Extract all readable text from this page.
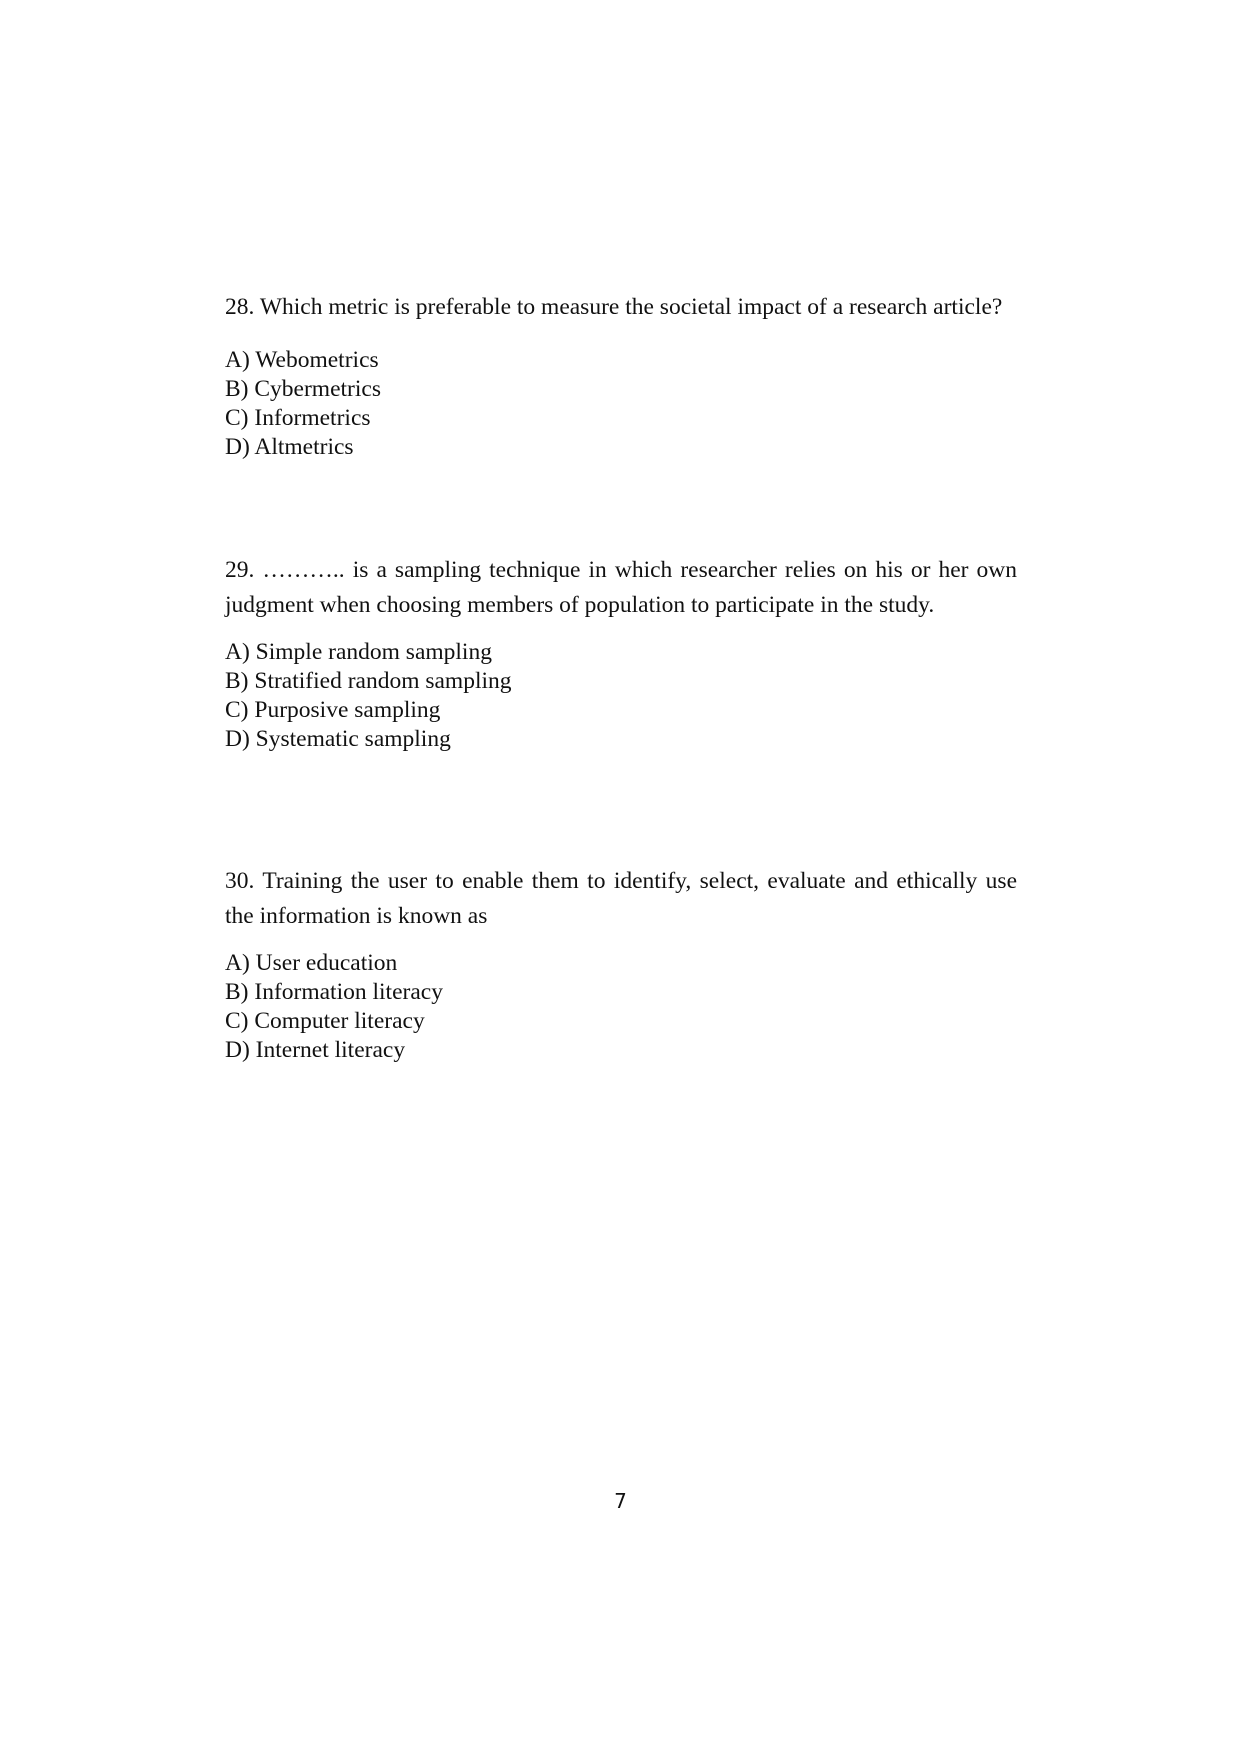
28. Which metric is preferable to measure the societal impact of a research article?

A) Webometrics
B) Cybermetrics
C) Informetrics
D) Altmetrics

29. ……….. is a sampling technique in which researcher relies on his or her own judgment when choosing members of population to participate in the study.

A) Simple random sampling
B) Stratified random sampling
C) Purposive sampling
D) Systematic sampling

30. Training the user to enable them to identify, select, evaluate and ethically use the information is known as

A) User education
B) Information literacy
C) Computer literacy
D) Internet literacy
7
